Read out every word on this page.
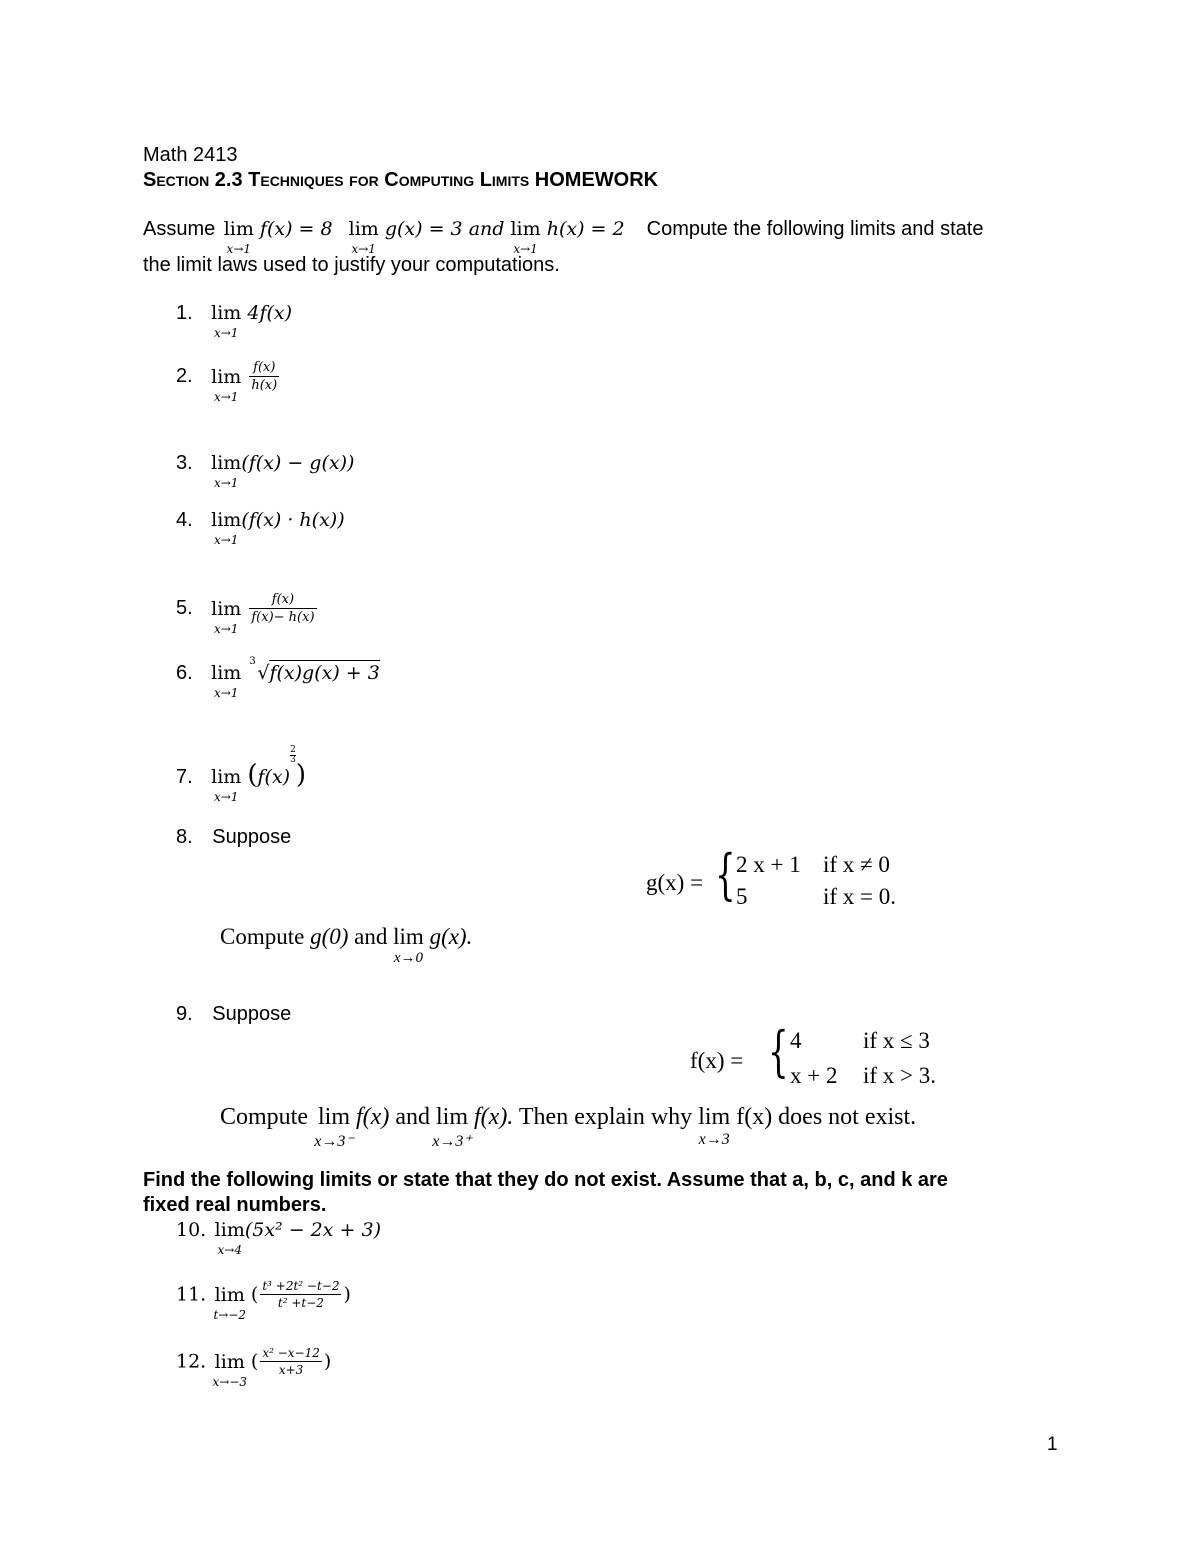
Math 2413
Section 2.3 Techniques for Computing Limits HOMEWORK
Assume lim
x→1
f(x) = 8 lim
x→1
g(x) = 3 and lim
x→1
h(x) = 2 Compute the following limits and state
the limit laws used to justify your computations.
1. lim
x→1
4f(x)
2. lim
x→1

$\frac{f(x)}{h(x)}$
3. lim
x→1
(f(x) − g(x))
4. lim
x→1
(f(x) · h(x))
5. lim
x→1

$\frac{f(x)}{f(x)- h(x)}$
6. lim
x→1

3
√f(x)g(x) + 3
7. lim
x→1
(f(x)
$\frac{2}{3}$
)
8. Suppose
g(x) = { 2 x + 1 if x ≠ 0
5	if x = 0.
Compute g(0) and lim
x→0
g(x).
9. Suppose
f(x) = { 4	if x ≤ 3
x + 2 if x > 3.
Compute lim
x→3⁻
f(x) and lim
x→3⁺
f(x). Then explain why lim
x→3
f(x) does not exist.
Find the following limits or state that they do not exist. Assume that a, b, c, and k are
fixed real numbers.
10. lim
x→4
(5x² − 2x + 3)
11. lim
t→−2
( $\frac{\text{t³ +2t² −t−2}}{\text{t² +t−2}}$ )
12. lim
x→−3
( $\frac{\text{x² −x−12}}{x+3}$ )
1
